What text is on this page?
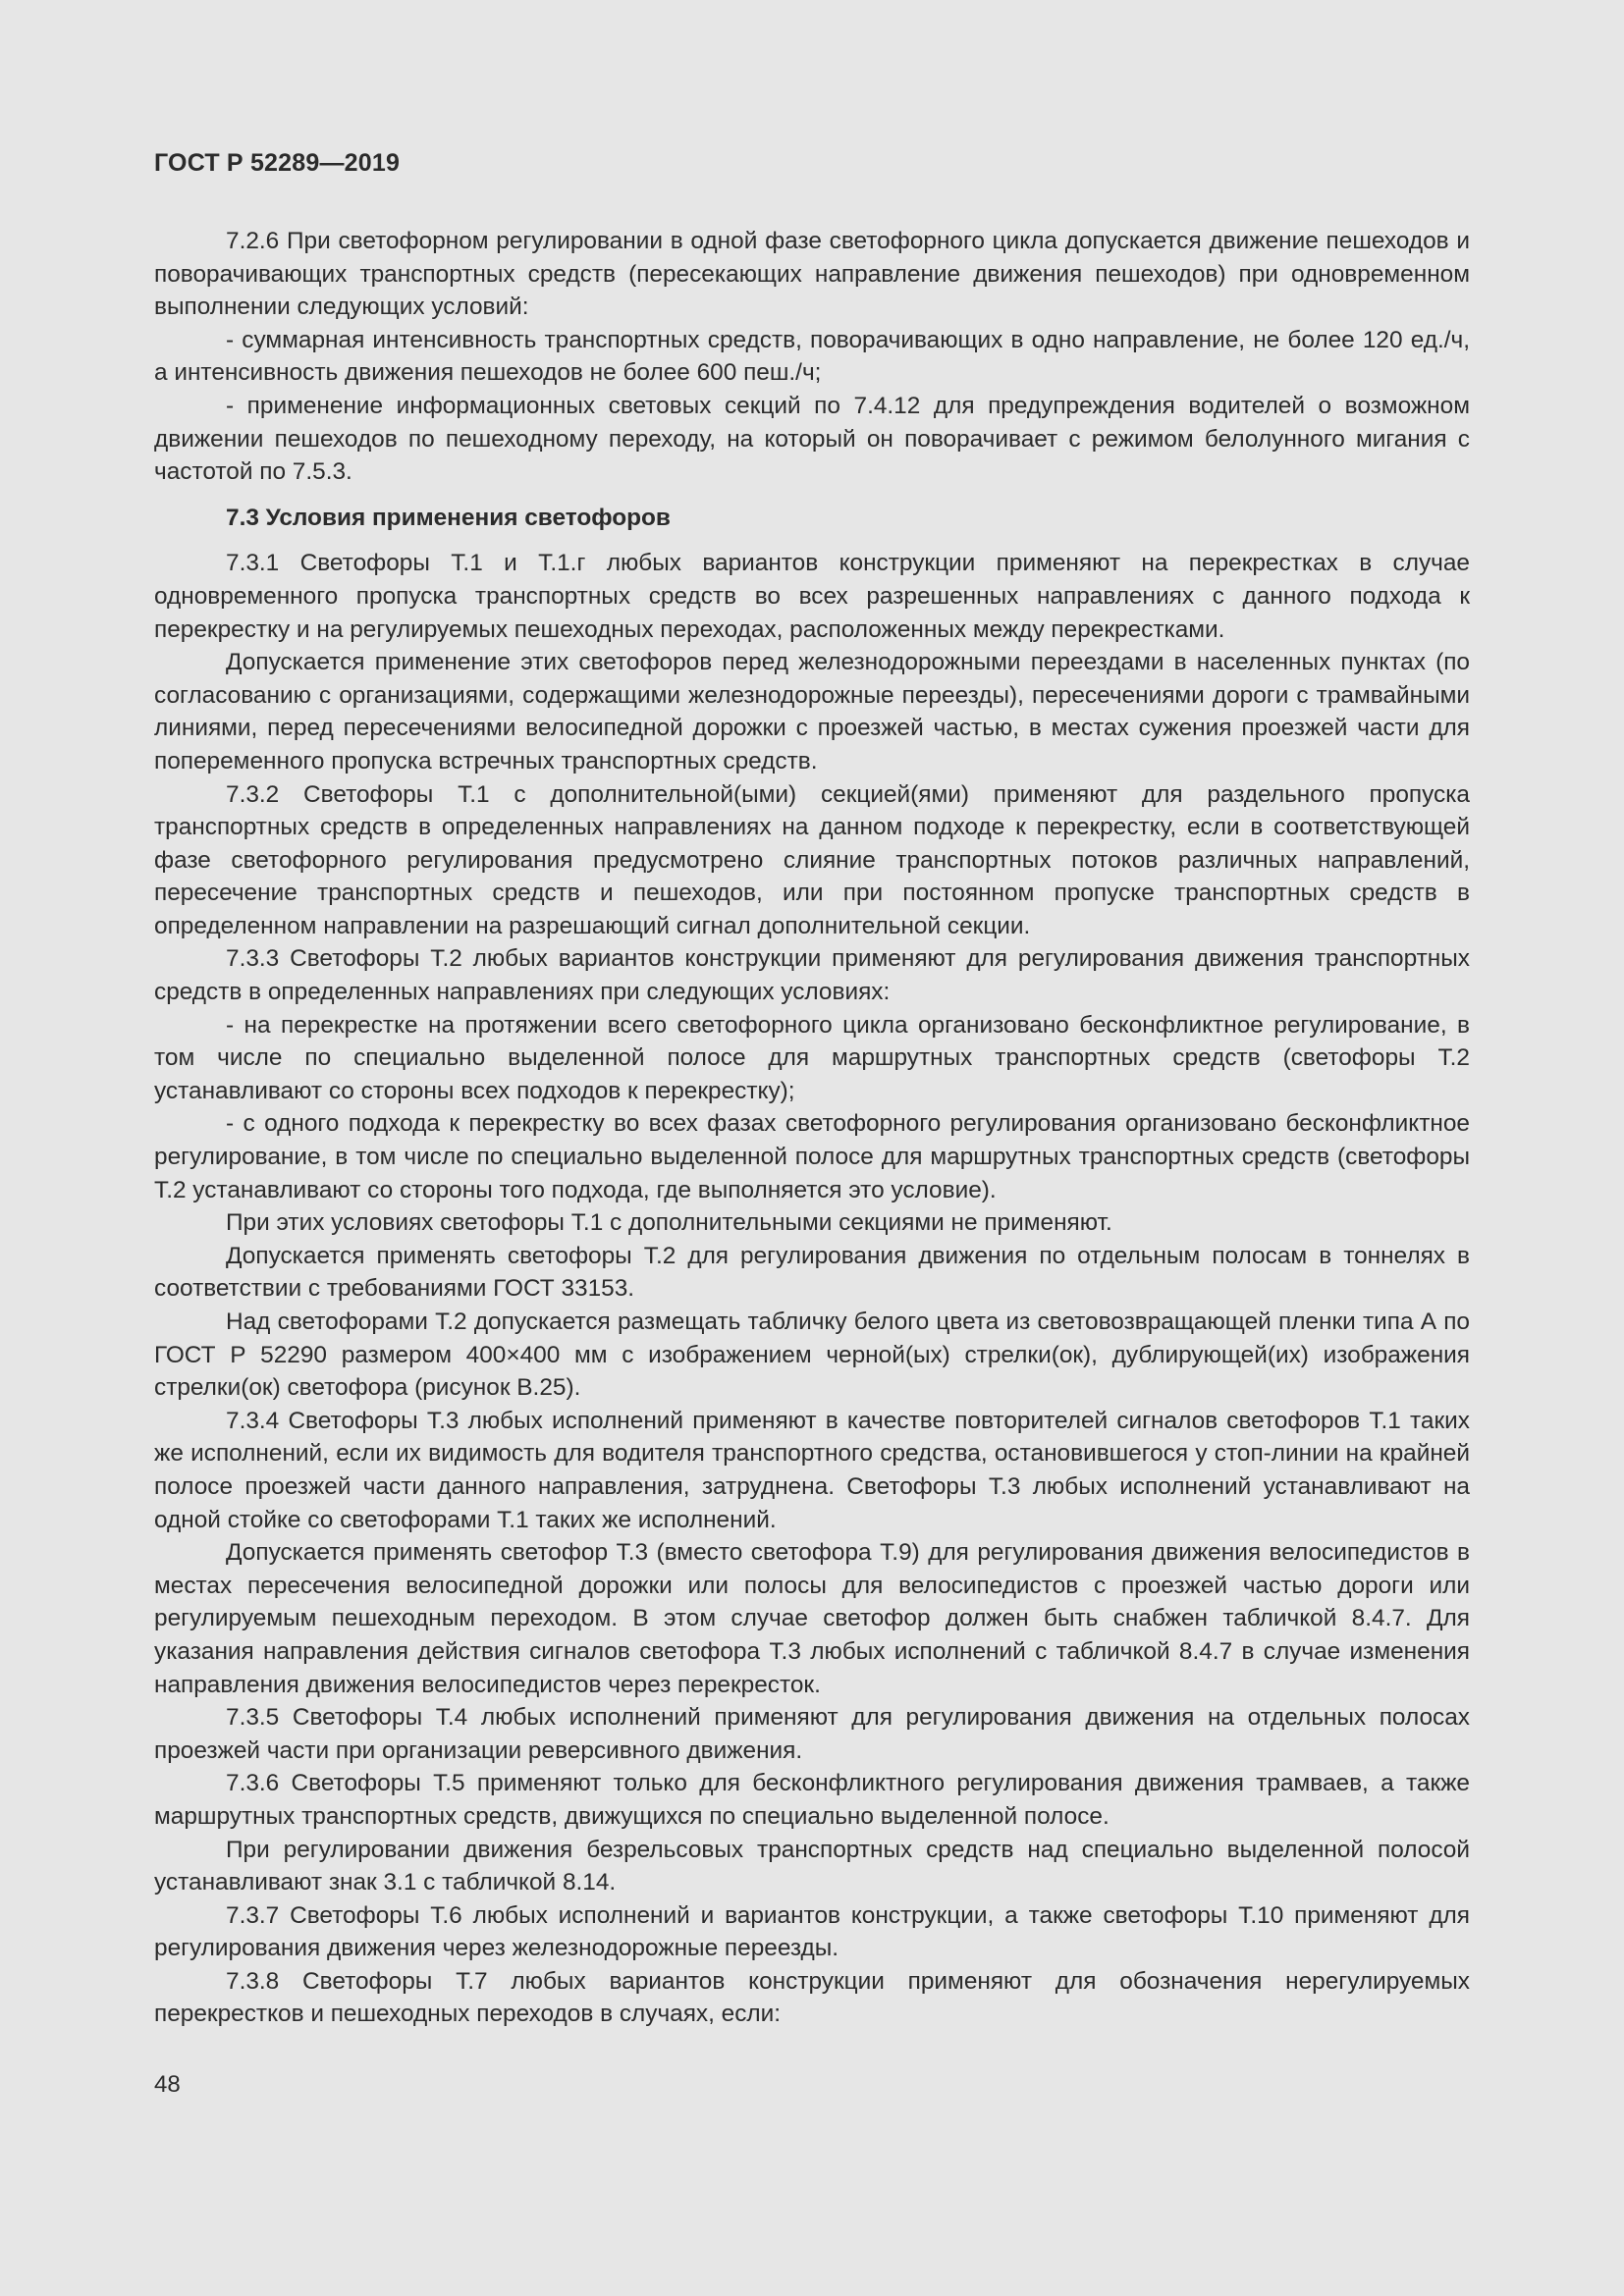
ГОСТ Р 52289—2019

7.2.6 При светофорном регулировании в одной фазе светофорного цикла допускается движение пешеходов и поворачивающих транспортных средств (пересекающих направление движения пешеходов) при одновременном выполнении следующих условий:

- суммарная интенсивность транспортных средств, поворачивающих в одно направление, не более 120 ед./ч, а интенсивность движения пешеходов не более 600 пеш./ч;

- применение информационных световых секций по 7.4.12 для предупреждения водителей о возможном движении пешеходов по пешеходному переходу, на который он поворачивает с режимом белолунного мигания с частотой по 7.5.3.

7.3 Условия применения светофоров

7.3.1 Светофоры Т.1 и Т.1.г любых вариантов конструкции применяют на перекрестках в случае одновременного пропуска транспортных средств во всех разрешенных направлениях с данного подхода к перекрестку и на регулируемых пешеходных переходах, расположенных между перекрестками.

Допускается применение этих светофоров перед железнодорожными переездами в населенных пунктах (по согласованию с организациями, содержащими железнодорожные переезды), пересечениями дороги с трамвайными линиями, перед пересечениями велосипедной дорожки с проезжей частью, в местах сужения проезжей части для попеременного пропуска встречных транспортных средств.

7.3.2 Светофоры Т.1 с дополнительной(ыми) секцией(ями) применяют для раздельного пропуска транспортных средств в определенных направлениях на данном подходе к перекрестку, если в соответствующей фазе светофорного регулирования предусмотрено слияние транспортных потоков различных направлений, пересечение транспортных средств и пешеходов, или при постоянном пропуске транспортных средств в определенном направлении на разрешающий сигнал дополнительной секции.

7.3.3 Светофоры Т.2 любых вариантов конструкции применяют для регулирования движения транспортных средств в определенных направлениях при следующих условиях:

- на перекрестке на протяжении всего светофорного цикла организовано бесконфликтное регулирование, в том числе по специально выделенной полосе для маршрутных транспортных средств (светофоры Т.2 устанавливают со стороны всех подходов к перекрестку);

- с одного подхода к перекрестку во всех фазах светофорного регулирования организовано бесконфликтное регулирование, в том числе по специально выделенной полосе для маршрутных транспортных средств (светофоры Т.2 устанавливают со стороны того подхода, где выполняется это условие).

При этих условиях светофоры Т.1 с дополнительными секциями не применяют.

Допускается применять светофоры Т.2 для регулирования движения по отдельным полосам в тоннелях в соответствии с требованиями ГОСТ 33153.

Над светофорами Т.2 допускается размещать табличку белого цвета из световозвращающей пленки типа А по ГОСТ Р 52290 размером 400×400 мм с изображением черной(ых) стрелки(ок), дублирующей(их) изображения стрелки(ок) светофора (рисунок В.25).

7.3.4 Светофоры Т.3 любых исполнений применяют в качестве повторителей сигналов светофоров Т.1 таких же исполнений, если их видимость для водителя транспортного средства, остановившегося у стоп-линии на крайней полосе проезжей части данного направления, затруднена. Светофоры Т.3 любых исполнений устанавливают на одной стойке со светофорами Т.1 таких же исполнений.

Допускается применять светофор Т.3 (вместо светофора Т.9) для регулирования движения велосипедистов в местах пересечения велосипедной дорожки или полосы для велосипедистов с проезжей частью дороги или регулируемым пешеходным переходом. В этом случае светофор должен быть снабжен табличкой 8.4.7. Для указания направления действия сигналов светофора Т.3 любых исполнений с табличкой 8.4.7 в случае изменения направления движения велосипедистов через перекресток.

7.3.5 Светофоры Т.4 любых исполнений применяют для регулирования движения на отдельных полосах проезжей части при организации реверсивного движения.

7.3.6 Светофоры Т.5 применяют только для бесконфликтного регулирования движения трамваев, а также маршрутных транспортных средств, движущихся по специально выделенной полосе.

При регулировании движения безрельсовых транспортных средств над специально выделенной полосой устанавливают знак 3.1 с табличкой 8.14.

7.3.7 Светофоры Т.6 любых исполнений и вариантов конструкции, а также светофоры Т.10 применяют для регулирования движения через железнодорожные переезды.

7.3.8 Светофоры Т.7 любых вариантов конструкции применяют для обозначения нерегулируемых перекрестков и пешеходных переходов в случаях, если:

48
